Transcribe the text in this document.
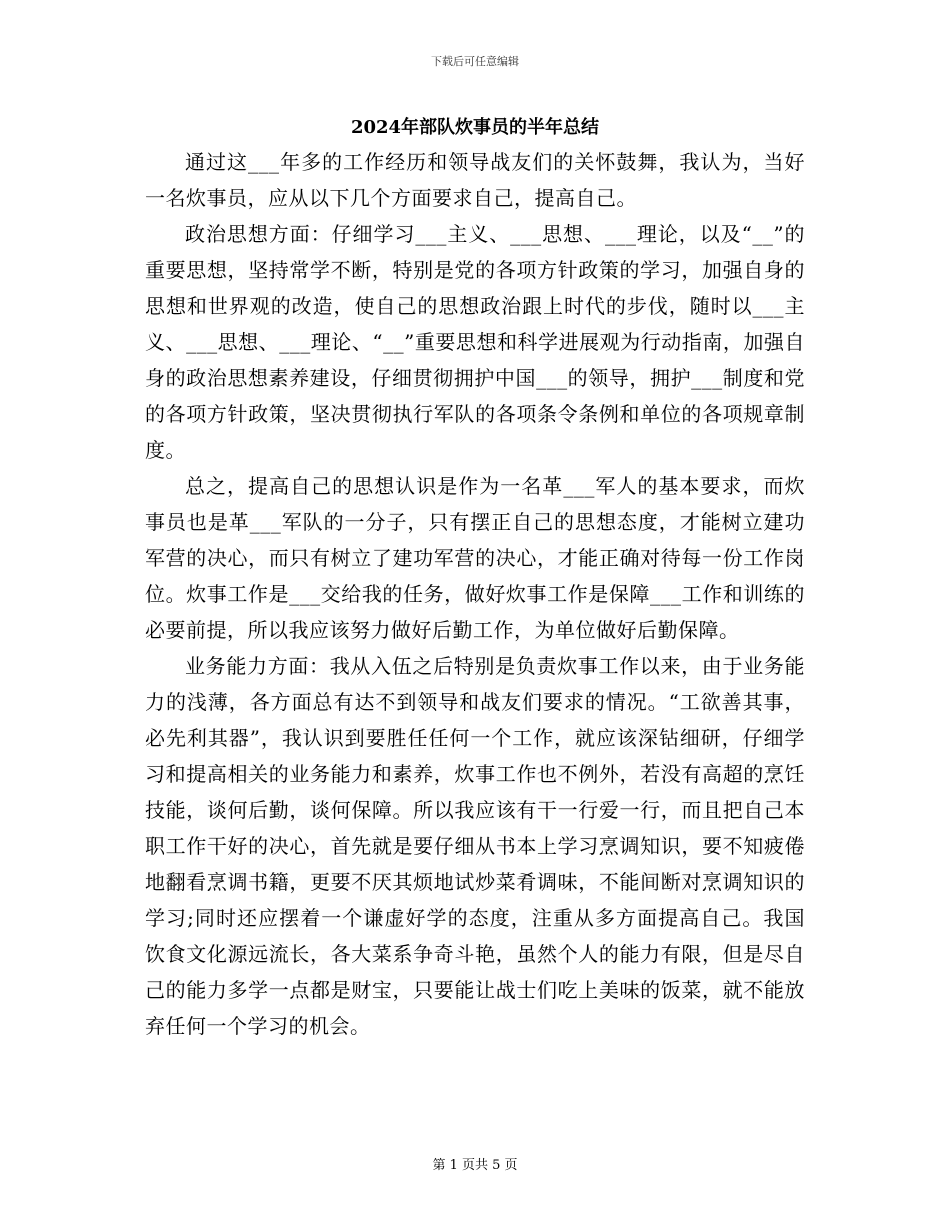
下载后可任意编辑
2024年部队炊事员的半年总结

通过这___年多的工作经历和领导战友们的关怀鼓舞，我认为，当好一名炊事员，应从以下几个方面要求自己，提高自己。

政治思想方面：仔细学习___主义、___思想、___理论，以及“__”的重要思想，坚持常学不断，特别是党的各项方针政策的学习，加强自身的思想和世界观的改造，使自己的思想政治跟上时代的步伐，随时以___主义、___思想、___理论、“__”重要思想和科学进展观为行动指南，加强自身的政治思想素养建设，仔细贯彻拥护中国___的领导，拥护___制度和党的各项方针政策，坚决贯彻执行军队的各项条令条例和单位的各项规章制度。

总之，提高自己的思想认识是作为一名革___军人的基本要求，而炊事员也是革___军队的一分子，只有摆正自己的思想态度，才能树立建功军营的决心，而只有树立了建功军营的决心，才能正确对待每一份工作岗位。炊事工作是___交给我的任务，做好炊事工作是保障___工作和训练的必要前提，所以我应该努力做好后勤工作，为单位做好后勤保障。

业务能力方面：我从入伍之后特别是负责炊事工作以来，由于业务能力的浅薄，各方面总有达不到领导和战友们要求的情况。“工欲善其事，必先利其器”，我认识到要胜任任何一个工作，就应该深钻细研，仔细学习和提高相关的业务能力和素养，炊事工作也不例外，若没有高超的烹饪技能，谈何后勤，谈何保障。所以我应该有干一行爱一行，而且把自己本职工作干好的决心，首先就是要仔细从书本上学习烹调知识，要不知疲倦地翻看烹调书籍，更要不厌其烦地试炒菜肴调味，不能间断对烹调知识的学习;同时还应摆着一个谦虚好学的态度，注重从多方面提高自己。我国饮食文化源远流长，各大菜系争奇斗艳，虽然个人的能力有限，但是尽自己的能力多学一点都是财宝，只要能让战士们吃上美味的饭菜，就不能放弃任何一个学习的机会。

第 1 页共 5 页
